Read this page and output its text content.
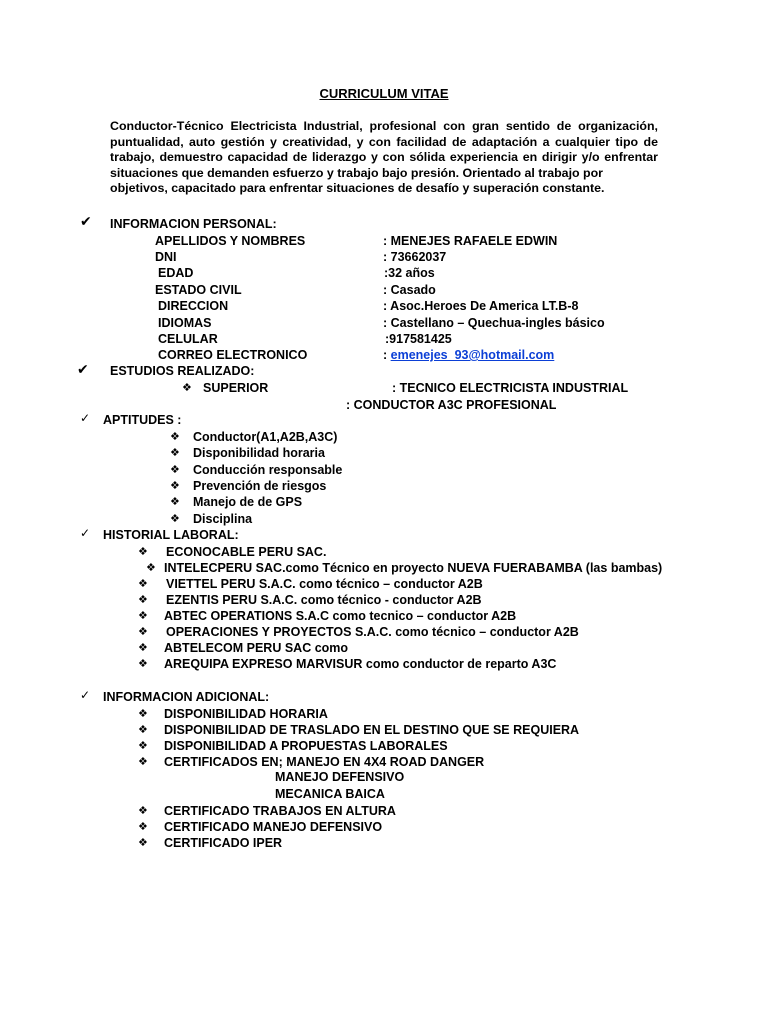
CURRICULUM VITAE
Conductor-Técnico Electricista Industrial, profesional con gran sentido de organización, puntualidad, auto gestión y creatividad, y con facilidad de adaptación a cualquier tipo de trabajo, demuestro capacidad de liderazgo y con sólida experiencia en dirigir y/o enfrentar situaciones que demanden esfuerzo y trabajo bajo presión. Orientado al trabajo por
objetivos, capacitado para enfrentar situaciones de desafío y superación constante.
✔ INFORMACION PERSONAL:
APELLIDOS Y NOMBRES	: MENEJES RAFAELE EDWIN
DNI	: 73662037
EDAD	:32 años
ESTADO CIVIL	: Casado
DIRECCION	: Asoc.Heroes De America LT.B-8
IDIOMAS	: Castellano – Quechua-ingles básico
CELULAR	:917581425
CORREO ELECTRONICO	: emenejes_93@hotmail.com
✔ ESTUDIOS REALIZADO:
❖ SUPERIOR	: TECNICO ELECTRICISTA INDUSTRIAL
: CONDUCTOR A3C PROFESIONAL
✓ APTITUDES :
❖ Conductor(A1,A2B,A3C)
❖ Disponibilidad horaria
❖ Conducción responsable
❖ Prevención de riesgos
❖ Manejo de de GPS
❖ Disciplina
✓ HISTORIAL LABORAL:
❖ ECONOCABLE PERU SAC.
❖ INTELECPERU SAC.como Técnico en proyecto NUEVA FUERABAMBA (las bambas)
❖ VIETTEL PERU S.A.C. como técnico – conductor A2B
❖ EZENTIS PERU S.A.C. como técnico - conductor A2B
❖ ABTEC OPERATIONS S.A.C como tecnico – conductor A2B
❖ OPERACIONES Y PROYECTOS S.A.C. como técnico – conductor A2B
❖ ABTELECOM PERU SAC como
❖ AREQUIPA EXPRESO MARVISUR como conductor de reparto A3C
✓ INFORMACION ADICIONAL:
❖ DISPONIBILIDAD HORARIA
❖ DISPONIBILIDAD DE TRASLADO EN EL DESTINO QUE SE REQUIERA
❖ DISPONIBILIDAD A PROPUESTAS LABORALES
❖ CERTIFICADOS EN; MANEJO EN 4X4 ROAD DANGER
MANEJO DEFENSIVO
MECANICA BAICA
❖ CERTIFICADO TRABAJOS EN ALTURA
❖ CERTIFICADO MANEJO DEFENSIVO
❖ CERTIFICADO IPER
